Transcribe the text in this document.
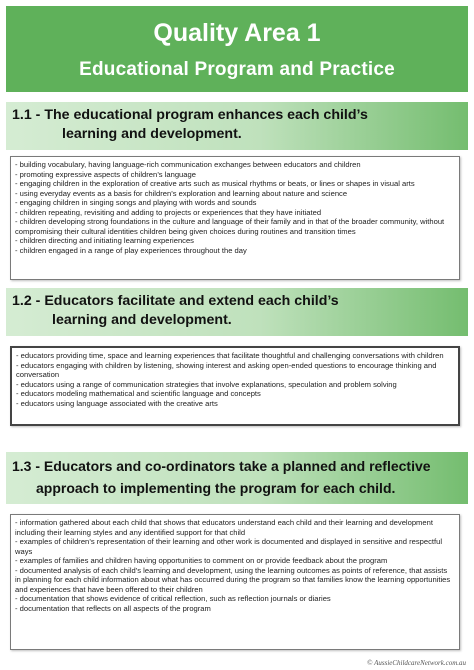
Quality Area 1
Educational Program and Practice
1.1 - The educational program enhances each child’s
learning and development.
- building vocabulary, having language-rich communication exchanges between educators and children
- promoting expressive aspects of children’s language
- engaging children in the exploration of creative arts such as musical rhythms or beats, or lines or shapes in visual arts
- using everyday events as a basis for children’s exploration and learning about nature and science
- engaging children in singing songs and playing with words and sounds
- children repeating, revisiting and adding to projects or experiences that they have initiated
- children developing strong foundations in the culture and language of their family and in that of the broader community, without compromising their cultural identities children being given choices during routines and transition times
- children directing and initiating learning experiences
- children engaged in a range of play experiences throughout the day
1.2 - Educators facilitate and extend each child’s
learning and development.
- educators providing time, space and learning experiences that facilitate thoughtful and challenging conversations with children
- educators engaging with children by listening, showing interest and asking open-ended questions to encourage thinking and conversation
- educators using a range of communication strategies that involve explanations, speculation and problem solving
- educators modeling mathematical and scientific language and concepts
- educators using language associated with the creative arts
1.3 - Educators and co-ordinators take a planned and reflective
approach to implementing the program for each child.
- information gathered about each child that shows that educators understand each child and their learning and development including their learning styles and any identified support for that child
- examples of children’s representation of their learning and other work is documented and displayed in sensitive and respectful ways
- examples of families and children having opportunities to comment on or provide feedback about the program
- documented analysis of each child’s learning and development, using the learning outcomes as points of reference, that assists in planning for each child information about what has occurred during the program so that families know the learning opportunities and experiences that have been offered to their children
- documentation that shows evidence of critical reflection, such as reflection journals or diaries
- documentation that reflects on all aspects of the program
© AussieChildcareNetwork.com.au
